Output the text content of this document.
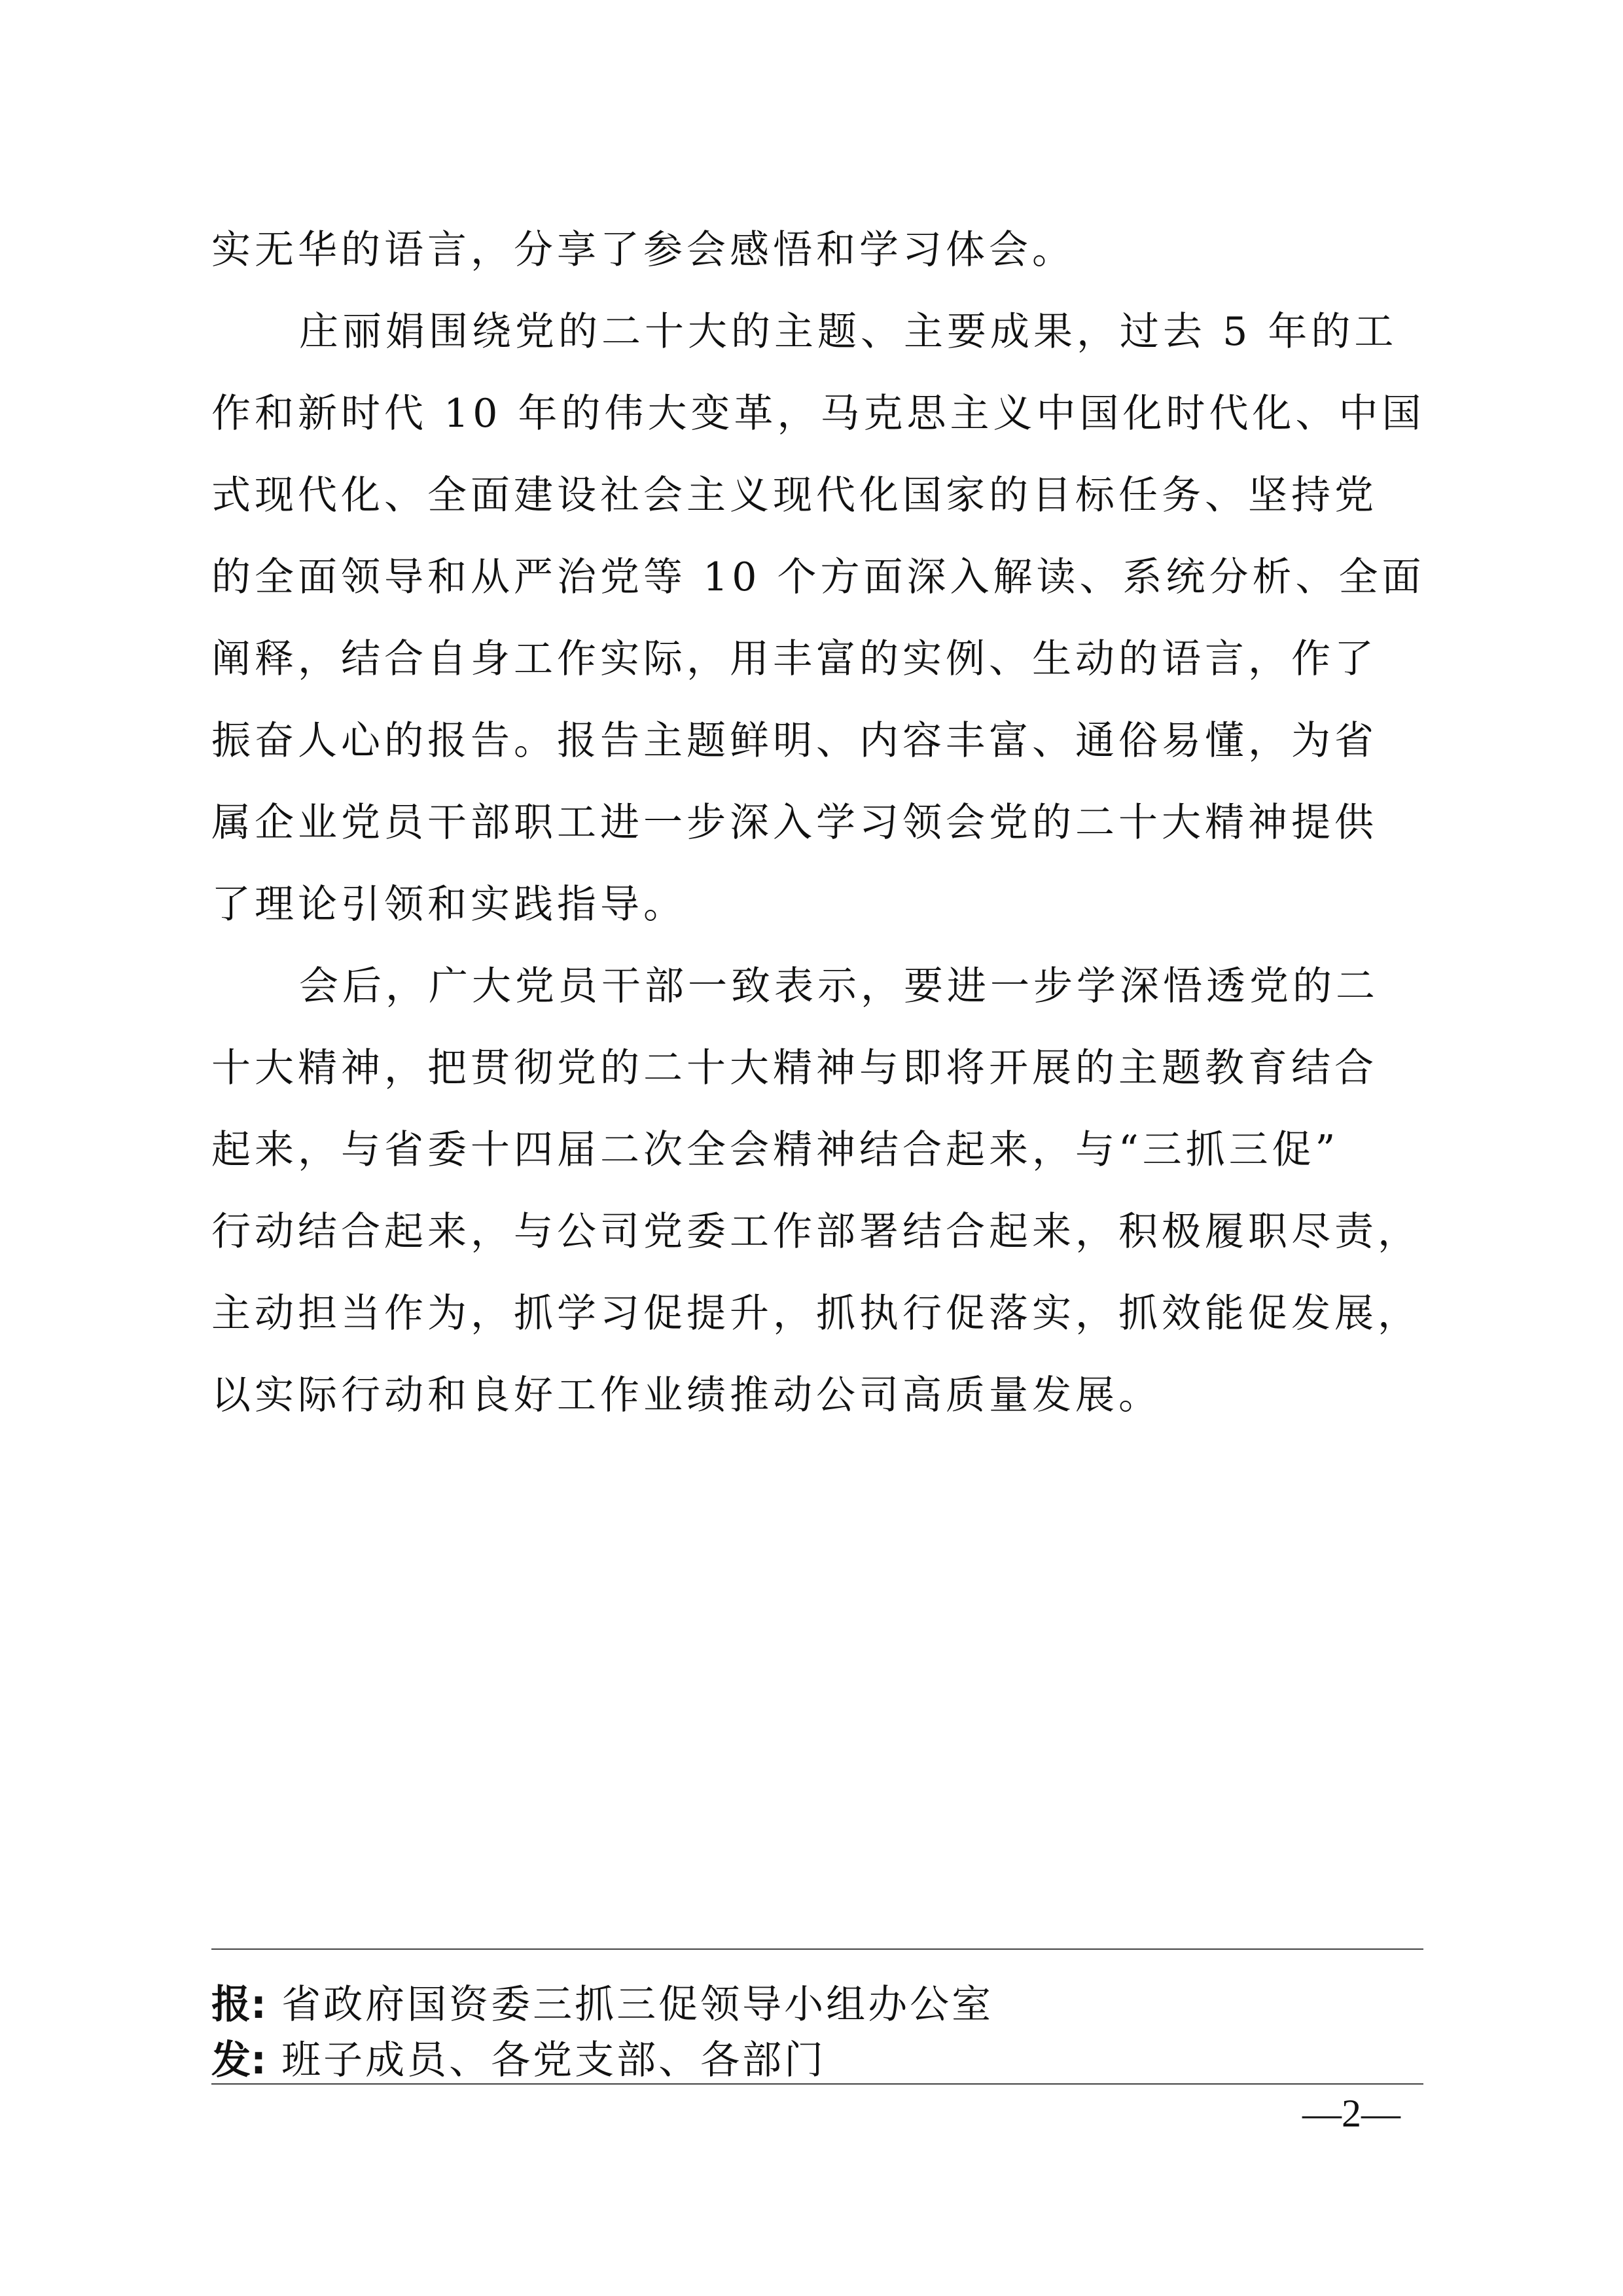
实无华的语言，分享了参会感悟和学习体会。
庄丽娟围绕党的二十大的主题、主要成果，过去 5 年的工
作和新时代 10 年的伟大变革，马克思主义中国化时代化、中国
式现代化、全面建设社会主义现代化国家的目标任务、坚持党
的全面领导和从严治党等 10 个方面深入解读、系统分析、全面
阐释，结合自身工作实际，用丰富的实例、生动的语言，作了
振奋人心的报告。报告主题鲜明、内容丰富、通俗易懂，为省
属企业党员干部职工进一步深入学习领会党的二十大精神提供
了理论引领和实践指导。
会后，广大党员干部一致表示，要进一步学深悟透党的二
十大精神，把贯彻党的二十大精神与即将开展的主题教育结合
起来，与省委十四届二次全会精神结合起来，与“三抓三促”
行动结合起来，与公司党委工作部署结合起来，积极履职尽责，
主动担当作为，抓学习促提升，抓执行促落实，抓效能促发展，
以实际行动和良好工作业绩推动公司高质量发展。
报: 省政府国资委三抓三促领导小组办公室
发: 班子成员、各党支部、各部门
—2—
